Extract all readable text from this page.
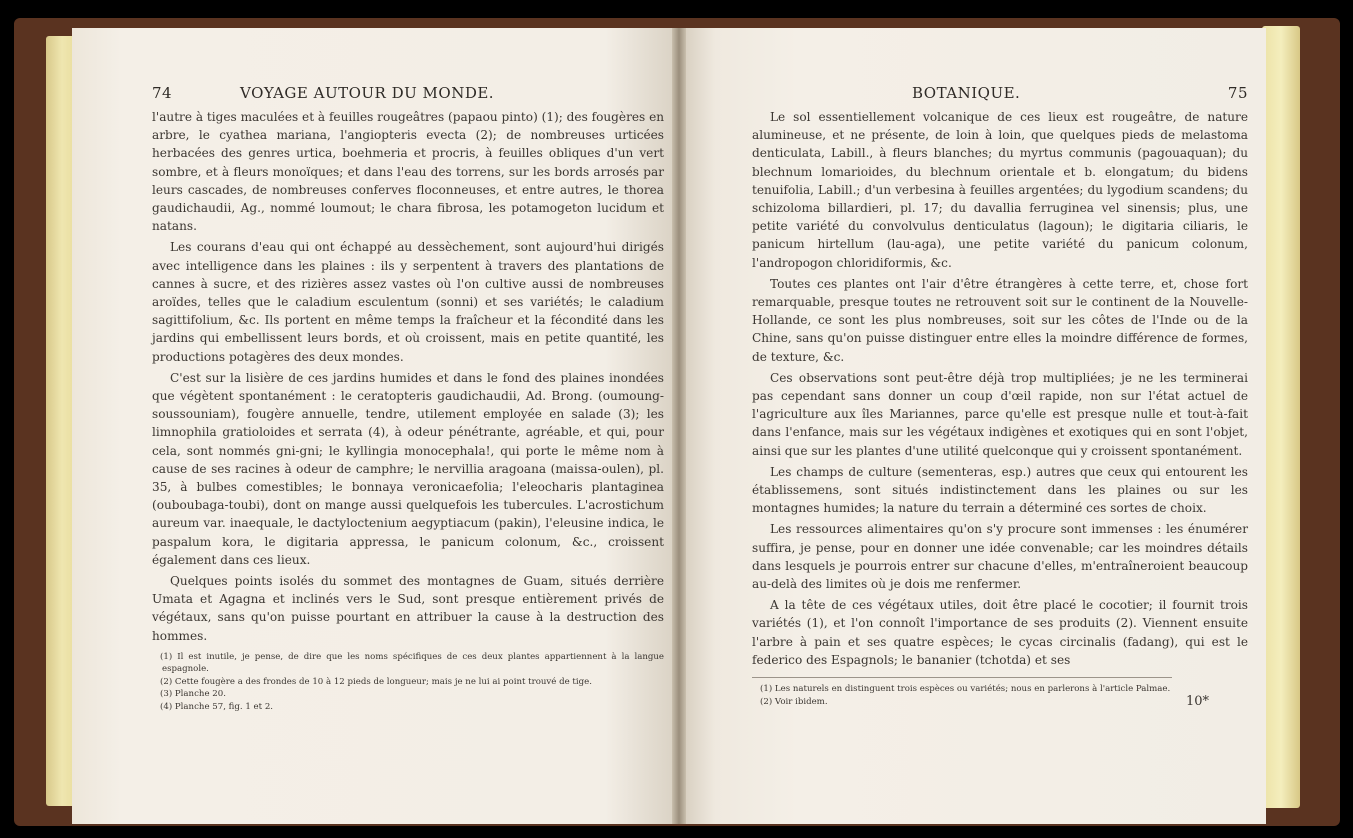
74	VOYAGE AUTOUR DU MONDE.

l'autre à tiges maculées et à feuilles rougeâtres (papaou pinto) (1); des fougères en arbre, le cyathea mariana, l'angiopteris evecta (2); de nombreuses urticées herbacées des genres urtica, boehmeria et procris, à feuilles obliques d'un vert sombre, et à fleurs monoïques; et dans l'eau des torrens, sur les bords arrosés par leurs cascades, de nombreuses conferves floconneuses, et entre autres, le thorea gaudichaudii, Ag., nommé loumout; le chara fibrosa, les potamogeton lucidum et natans.

Les courans d'eau qui ont échappé au dessèchement, sont aujourd'hui dirigés avec intelligence dans les plaines : ils y serpentent à travers des plantations de cannes à sucre, et des rizières assez vastes où l'on cultive aussi de nombreuses aroïdes, telles que le caladium esculentum (sonni) et ses variétés; le caladium sagittifolium, &c. Ils portent en même temps la fraîcheur et la fécondité dans les jardins qui embellissent leurs bords, et où croissent, mais en petite quantité, les productions potagères des deux mondes.

C'est sur la lisière de ces jardins humides et dans le fond des plaines inondées que végètent spontanément : le ceratopteris gaudichaudii, Ad. Brong. (oumoung-soussouniam), fougère annuelle, tendre, utilement employée en salade (3); les limnophila gratioloides et serrata (4), à odeur pénétrante, agréable, et qui, pour cela, sont nommés gni-gni; le kyllingia monocephala!, qui porte le même nom à cause de ses racines à odeur de camphre; le nervillia aragoana (maissa-oulen), pl. 35, à bulbes comestibles; le bonnaya veronicaefolia; l'eleocharis plantaginea (ouboubaga-toubi), dont on mange aussi quelquefois les tubercules. L'acrostichum aureum var. inaequale, le dactyloctenium aegyptiacum (pakin), l'eleusine indica, le paspalum kora, le digitaria appressa, le panicum colonum, &c., croissent également dans ces lieux.

Quelques points isolés du sommet des montagnes de Guam, situés derrière Umata et Agagna et inclinés vers le Sud, sont presque entièrement privés de végétaux, sans qu'on puisse pourtant en attribuer la cause à la destruction des hommes.

(1) Il est inutile, je pense, de dire que les noms spécifiques de ces deux plantes appartiennent à la langue espagnole.

(2) Cette fougère a des frondes de 10 à 12 pieds de longueur; mais je ne lui ai point trouvé de tige.

(3) Planche 20.

(4) Planche 57, fig. 1 et 2.

BOTANIQUE.	75

Le sol essentiellement volcanique de ces lieux est rougeâtre, de nature alumineuse, et ne présente, de loin à loin, que quelques pieds de melastoma denticulata, Labill., à fleurs blanches; du myrtus communis (pagouaquan); du blechnum lomarioides, du blechnum orientale et b. elongatum; du bidens tenuifolia, Labill.; d'un verbesina à feuilles argentées; du lygodium scandens; du schizoloma billardieri, pl. 17; du davallia ferruginea vel sinensis; plus, une petite variété du convolvulus denticulatus (lagoun); le digitaria ciliaris, le panicum hirtellum (lau-aga), une petite variété du panicum colonum, l'andropogon chloridiformis, &c.

Toutes ces plantes ont l'air d'être étrangères à cette terre, et, chose fort remarquable, presque toutes ne retrouvent soit sur le continent de la Nouvelle-Hollande, ce sont les plus nombreuses, soit sur les côtes de l'Inde ou de la Chine, sans qu'on puisse distinguer entre elles la moindre différence de formes, de texture, &c.

Ces observations sont peut-être déjà trop multipliées; je ne les terminerai pas cependant sans donner un coup d'œil rapide, non sur l'état actuel de l'agriculture aux îles Mariannes, parce qu'elle est presque nulle et tout-à-fait dans l'enfance, mais sur les végétaux indigènes et exotiques qui en sont l'objet, ainsi que sur les plantes d'une utilité quelconque qui y croissent spontanément.

Les champs de culture (sementeras, esp.) autres que ceux qui entourent les établissemens, sont situés indistinctement dans les plaines ou sur les montagnes humides; la nature du terrain a déterminé ces sortes de choix.

Les ressources alimentaires qu'on s'y procure sont immenses : les énumérer suffira, je pense, pour en donner une idée convenable; car les moindres détails dans lesquels je pourrois entrer sur chacune d'elles, m'entraîneroient beaucoup au-delà des limites où je dois me renfermer.

A la tête de ces végétaux utiles, doit être placé le cocotier; il fournit trois variétés (1), et l'on connoît l'importance de ses produits (2). Viennent ensuite l'arbre à pain et ses quatre espèces; le cycas circinalis (fadang), qui est le federico des Espagnols; le bananier (tchotda) et ses

(1) Les naturels en distinguent trois espèces ou variétés; nous en parlerons à l'article Palmae.

(2) Voir ibidem.	10*
